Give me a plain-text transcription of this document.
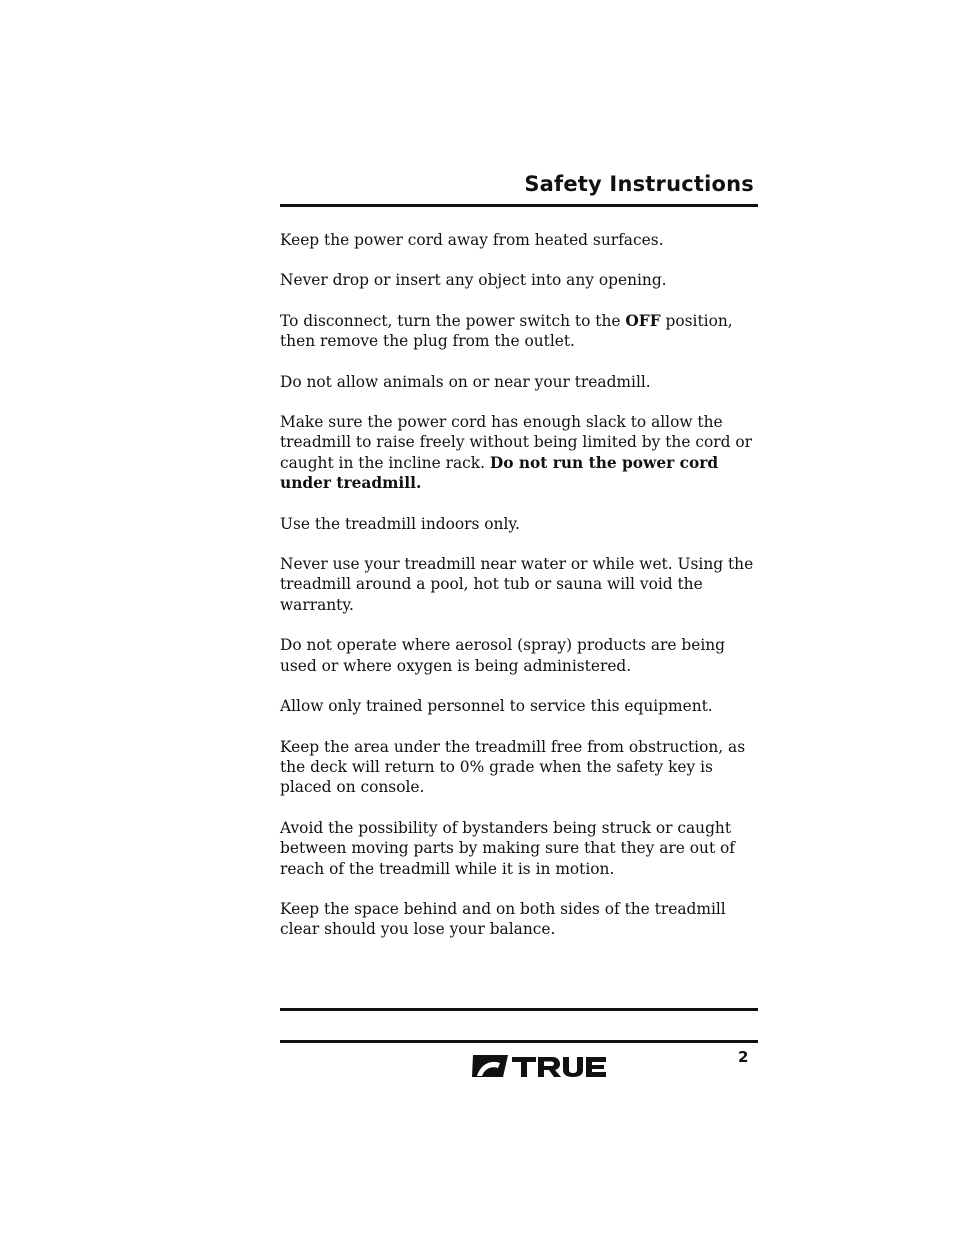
Safety Instructions

Keep the power cord away from heated surfaces.

Never drop or insert any object into any opening.

To disconnect, turn the power switch to the OFF position, then remove the plug from the outlet.

Do not allow animals on or near your treadmill.

Make sure the power cord has enough slack to allow the treadmill to raise freely without being limited by the cord or caught in the incline rack. Do not run the power cord under treadmill.

Use the treadmill indoors only.

Never use your treadmill near water or while wet. Using the treadmill around a pool, hot tub or sauna will void the warranty.

Do not operate where aerosol (spray) products are being used or where oxygen is being administered.

Allow only trained personnel to service this equipment.

Keep the area under the treadmill free from obstruction, as the deck will return to 0% grade when the safety key is placed on console.

Avoid the possibility of bystanders being struck or caught between moving parts by making sure that they are out of reach of the treadmill while it is in motion.

Keep the space behind and on both sides of the treadmill clear should you lose your balance.

2
